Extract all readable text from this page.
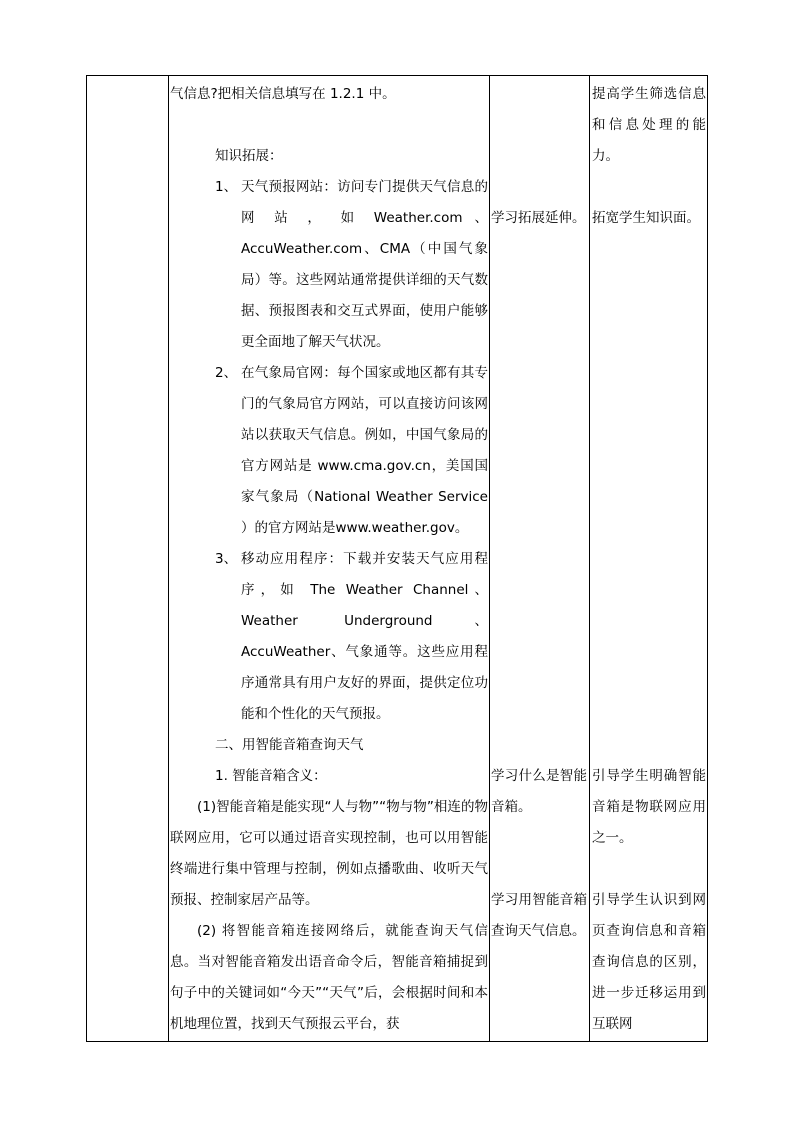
气信息?把相关信息填写在 1.2.1 中。

知识拓展：

1、 天气预报网站：访问专门提供天气信息的 网 站 ， 如 Weather.com 、AccuWeather.com、CMA（中国气象局）等。这些网站通常提供详细的天气数据、预报图表和交互式界面，使用户能够更全面地了解天气状况。
2、 在气象局官网：每个国家或地区都有其专门的气象局官方网站，可以直接访问该网站以获取天气信息。例如，中国气象局的官方网站是 www.cma.gov.cn，美国国家气象局（National Weather Service ）的官方网站是www.weather.gov。
3、 移动应用程序：下载并安装天气应用程序，如 The Weather Channel、Weather Underground、AccuWeather、气象通等。这些应用程序通常具有用户友好的界面，提供定位功能和个性化的天气预报。

二、用智能音箱查询天气

1. 智能音箱含义：

(1)智能音箱是能实现“人与物”“物与物”相连的物联网应用，它可以通过语音实现控制，也可以用智能终端进行集中管理与控制，例如点播歌曲、收听天气预报、控制家居产品等。

(2) 将智能音箱连接网络后，就能查询天气信息。当对智能音箱发出语音命令后，智能音箱捕捉到句子中的关键词如“今天”“天气”后，会根据时间和本机地理位置，找到天气预报云平台，获

学习拓展延伸。

学习什么是智能音箱。

学习用智能音箱查询天气信息。

提高学生筛选信息和信息处理的能力。

拓宽学生知识面。

引导学生明确智能音箱是物联网应用之一。

引导学生认识到网页查询信息和音箱查询信息的区别，进一步迁移运用到互联网
